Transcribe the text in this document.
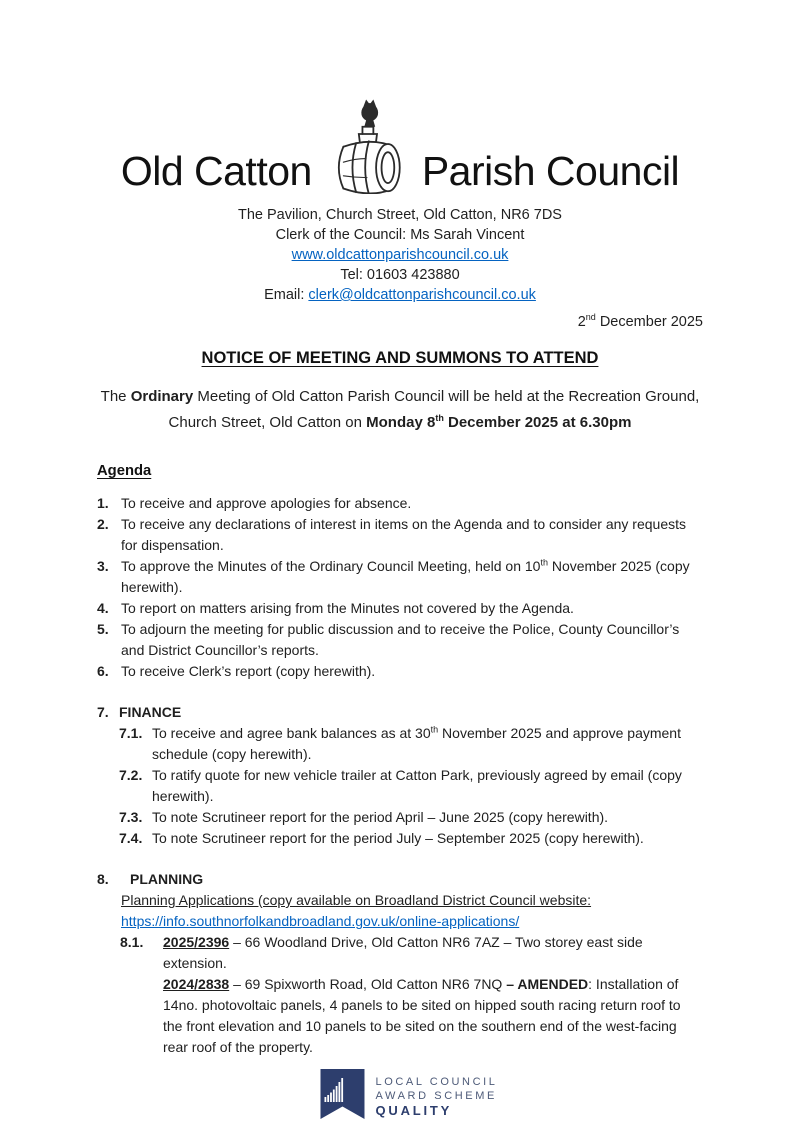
Old Catton	Parish Council
The Pavilion, Church Street, Old Catton, NR6 7DS
Clerk of the Council: Ms Sarah Vincent
www.oldcattonparishcouncil.co.uk
Tel: 01603 423880
Email: clerk@oldcattonparishcouncil.co.uk
2nd December 2025
NOTICE OF MEETING AND SUMMONS TO ATTEND
The Ordinary Meeting of Old Catton Parish Council will be held at the Recreation Ground,
Church Street, Old Catton on Monday 8th December 2025 at 6.30pm
Agenda
1. To receive and approve apologies for absence.
2. To receive any declarations of interest in items on the Agenda and to consider any requests for dispensation.
3. To approve the Minutes of the Ordinary Council Meeting, held on 10th November 2025 (copy herewith).
4. To report on matters arising from the Minutes not covered by the Agenda.
5. To adjourn the meeting for public discussion and to receive the Police, County Councillor’s and District Councillor’s reports.
6. To receive Clerk’s report (copy herewith).
7. FINANCE
7.1. To receive and agree bank balances as at 30th November 2025 and approve payment schedule (copy herewith).
7.2. To ratify quote for new vehicle trailer at Catton Park, previously agreed by email (copy herewith).
7.3. To note Scrutineer report for the period April – June 2025 (copy herewith).
7.4. To note Scrutineer report for the period July – September 2025 (copy herewith).
8.	PLANNING
Planning Applications (copy available on Broadland District Council website:
https://info.southnorfolkandbroadland.gov.uk/online-applications/
8.1.	2025/2396 – 66 Woodland Drive, Old Catton NR6 7AZ – Two storey east side extension.
2024/2838 – 69 Spixworth Road, Old Catton NR6 7NQ – AMENDED: Installation of 14no. photovoltaic panels, 4 panels to be sited on hipped south racing return roof to the front elevation and 10 panels to be sited on the southern end of the west-facing rear roof of the property.
LOCAL COUNCIL
AWARD SCHEME
QUALITY
